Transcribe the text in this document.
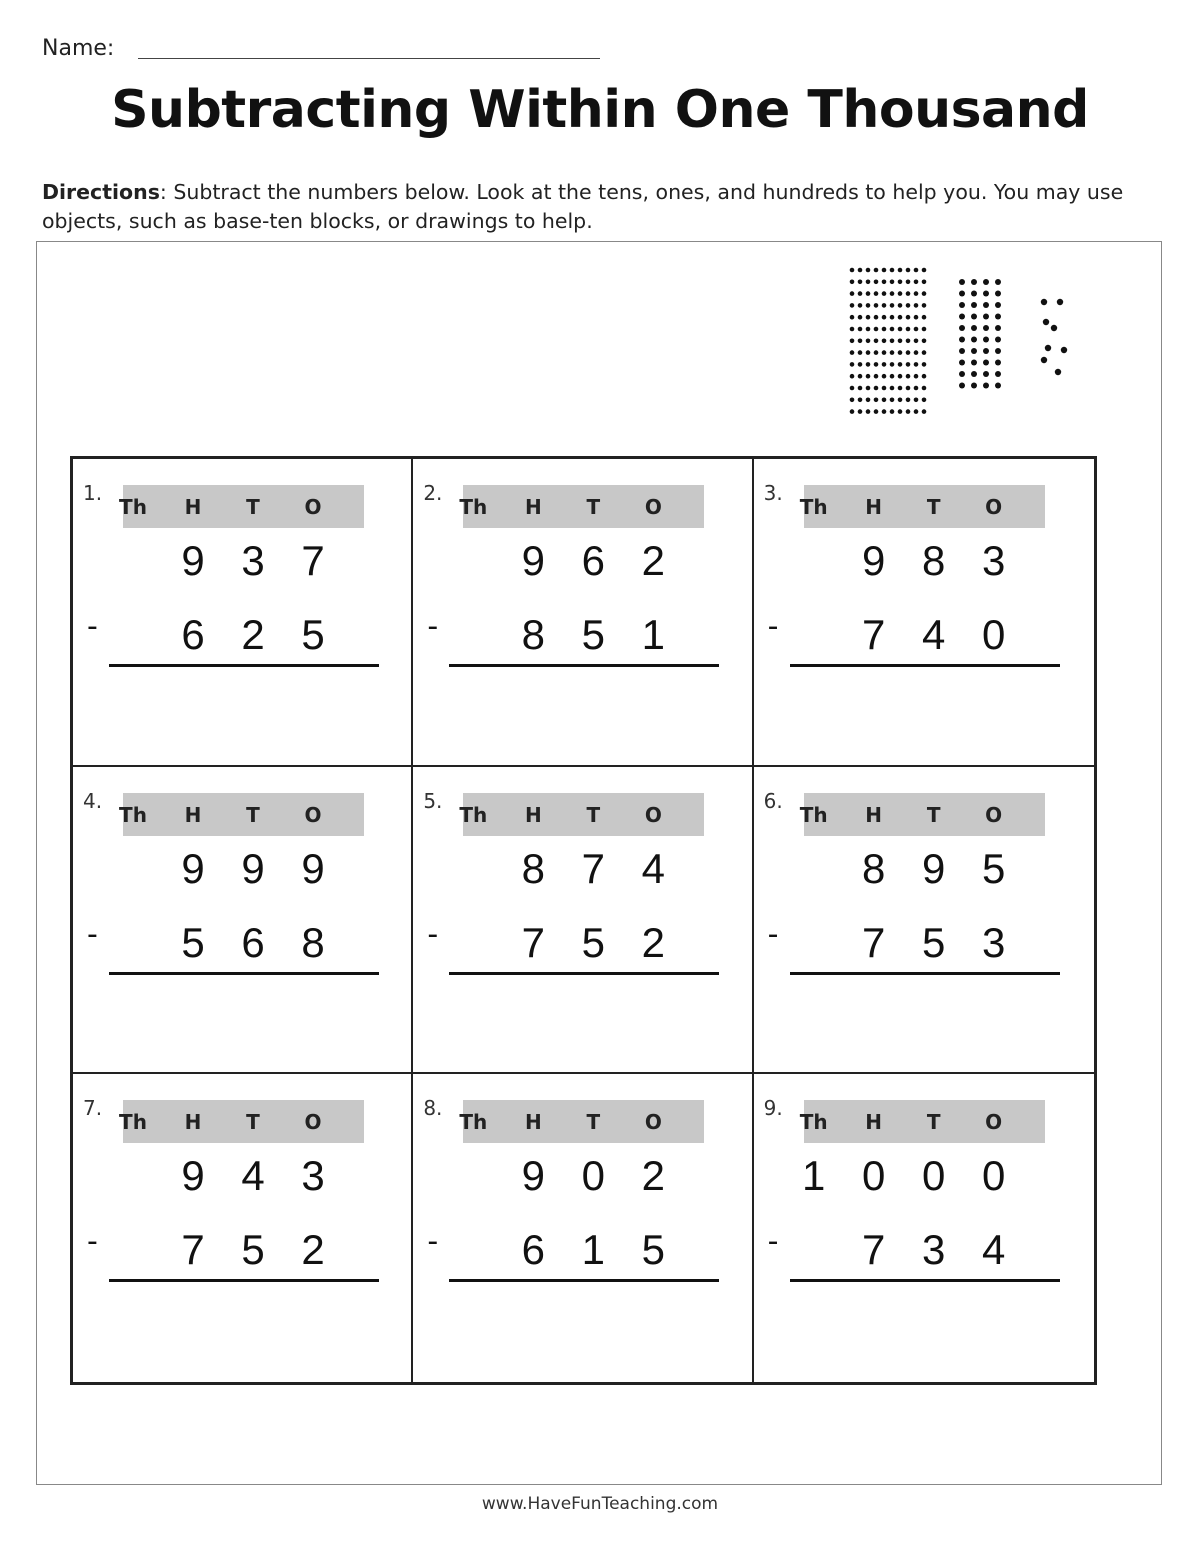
Name:
Subtracting Within One Thousand
Directions: Subtract the numbers below. Look at the tens, ones, and hundreds to help you. You may use objects, such as base-ten blocks, or drawings to help.
1.
Th	H	T	O
9 3 7
6 2 5
-
2.
Th	H	T	O
9 6 2
8 5 1
-
3.
Th	H	T	O
9 8 3
7 4 0
-
4.
Th	H	T	O
9 9 9
5 6 8
-
5.
Th	H	T	O
8 7 4
7 5 2
-
6.
Th	H	T	O
8 9 5
7 5 3
-
7.
Th	H	T	O
9 4 3
7 5 2
-
8.
Th	H	T	O
9 0 2
6 1 5
-
9.
Th	H	T	O
1 0 0 0
7 3 4
-
www.HaveFunTeaching.com
